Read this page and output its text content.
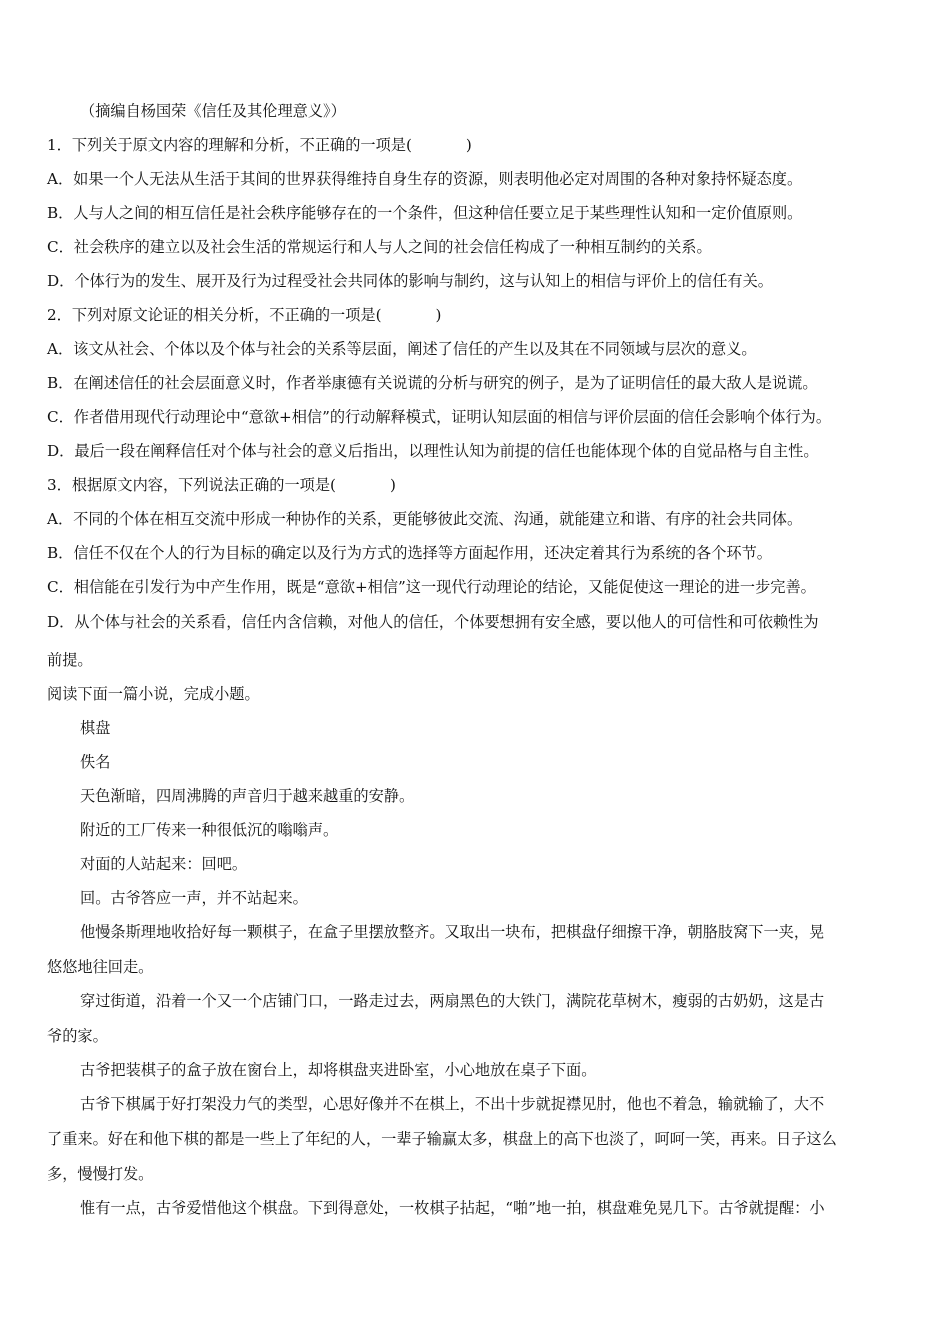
（摘编自杨国荣《信任及其伦理意义》）

1．下列关于原文内容的理解和分析，不正确的一项是(	)

A．如果一个人无法从生活于其间的世界获得维持自身生存的资源，则表明他必定对周围的各种对象持怀疑态度。

B．人与人之间的相互信任是社会秩序能够存在的一个条件，但这种信任要立足于某些理性认知和一定价值原则。

C．社会秩序的建立以及社会生活的常规运行和人与人之间的社会信任构成了一种相互制约的关系。

D．个体行为的发生、展开及行为过程受社会共同体的影响与制约，这与认知上的相信与评价上的信任有关。

2．下列对原文论证的相关分析，不正确的一项是(	)

A．该文从社会、个体以及个体与社会的关系等层面，阐述了信任的产生以及其在不同领域与层次的意义。

B．在阐述信任的社会层面意义时，作者举康德有关说谎的分析与研究的例子，是为了证明信任的最大敌人是说谎。

C．作者借用现代行动理论中“意欲+相信”的行动解释模式，证明认知层面的相信与评价层面的信任会影响个体行为。

D．最后一段在阐释信任对个体与社会的意义后指出，以理性认知为前提的信任也能体现个体的自觉品格与自主性。

3．根据原文内容，下列说法正确的一项是(	)

A．不同的个体在相互交流中形成一种协作的关系，更能够彼此交流、沟通，就能建立和谐、有序的社会共同体。

B．信任不仅在个人的行为目标的确定以及行为方式的选择等方面起作用，还决定着其行为系统的各个环节。

C．相信能在引发行为中产生作用，既是“意欲+相信”这一现代行动理论的结论，又能促使这一理论的进一步完善。

D．从个体与社会的关系看，信任内含信赖，对他人的信任，个体要想拥有安全感，要以他人的可信性和可依赖性为

前提。

阅读下面一篇小说，完成小题。

棋盘

佚名

天色渐暗，四周沸腾的声音归于越来越重的安静。

附近的工厂传来一种很低沉的嗡嗡声。

对面的人站起来：回吧。

回。古爷答应一声，并不站起来。

他慢条斯理地收拾好每一颗棋子，在盒子里摆放整齐。又取出一块布，把棋盘仔细擦干净，朝胳肢窝下一夹，晃

悠悠地往回走。

穿过街道，沿着一个又一个店铺门口，一路走过去，两扇黑色的大铁门，满院花草树木，瘦弱的古奶奶，这是古

爷的家。

古爷把装棋子的盒子放在窗台上，却将棋盘夹进卧室，小心地放在桌子下面。

古爷下棋属于好打架没力气的类型，心思好像并不在棋上，不出十步就捉襟见肘，他也不着急，输就输了，大不

了重来。好在和他下棋的都是一些上了年纪的人，一辈子输赢太多，棋盘上的高下也淡了，呵呵一笑，再来。日子这么

多，慢慢打发。

惟有一点，古爷爱惜他这个棋盘。下到得意处，一枚棋子拈起，“啪”地一拍，棋盘难免晃几下。古爷就提醒：小
